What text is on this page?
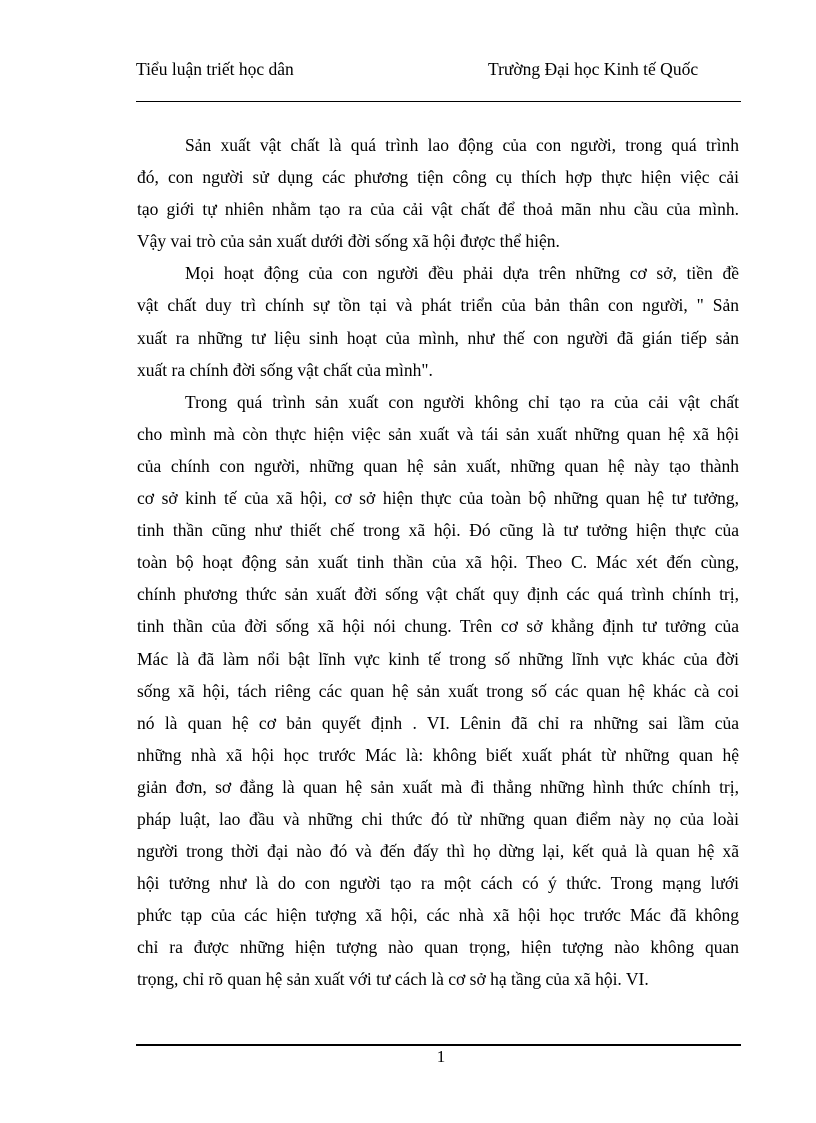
Tiểu luận triết học dân	Trường Đại học Kinh tế Quốc
Sản xuất vật chất là quá trình lao động của con người, trong quá trình
đó, con người sử dụng các phương tiện công cụ thích hợp thực hiện việc cải
tạo giới tự nhiên nhằm tạo ra của cải vật chất để thoả mãn nhu cầu của mình.
Vậy vai trò của sản xuất dưới đời sống xã hội được thể hiện.
Mọi hoạt động của con người đều phải dựa trên những cơ sở, tiền đề
vật chất duy trì chính sự tồn tại và phát triển của bản thân con người, " Sản
xuất ra những tư liệu sinh hoạt của mình, như thế con người đã gián tiếp sản
xuất ra chính đời sống vật chất của mình".
Trong quá trình sản xuất con người không chỉ tạo ra của cải vật chất
cho mình mà còn thực hiện việc sản xuất và tái sản xuất những quan hệ xã hội
của chính con người, những quan hệ sản xuất, những quan hệ này tạo thành
cơ sở kinh tế của xã hội, cơ sở hiện thực của toàn bộ những quan hệ tư tưởng,
tinh thần cũng như thiết chế trong xã hội. Đó cũng là tư tưởng hiện thực của
toàn bộ hoạt động sản xuất tinh thần của xã hội. Theo C. Mác xét đến cùng,
chính phương thức sản xuất đời sống vật chất quy định các quá trình chính trị,
tinh thần của đời sống xã hội nói chung. Trên cơ sở khẳng định tư tưởng của
Mác là đã làm nổi bật lĩnh vực kinh tế trong số những lĩnh vực khác của đời
sống xã hội, tách riêng các quan hệ sản xuất trong số các quan hệ khác cà coi
nó là quan hệ cơ bản quyết định . VI. Lênin đã chỉ ra những sai lầm của
những nhà xã hội học trước Mác là: không biết xuất phát từ những quan hệ
giản đơn, sơ đẳng là quan hệ sản xuất mà đi thẳng những hình thức chính trị,
pháp luật, lao đầu và những chi thức đó từ những quan điểm này nọ của loài
người trong thời đại nào đó và đến đấy thì họ dừng lại, kết quả là quan hệ xã
hội tưởng như là do con người tạo ra một cách có ý thức. Trong mạng lưới
phức tạp của các hiện tượng xã hội, các nhà xã hội học trước Mác đã không
chỉ ra được những hiện tượng nào quan trọng, hiện tượng nào không quan
trọng, chỉ rõ quan hệ sản xuất với tư cách là cơ sở hạ tầng của xã hội. VI.
1
